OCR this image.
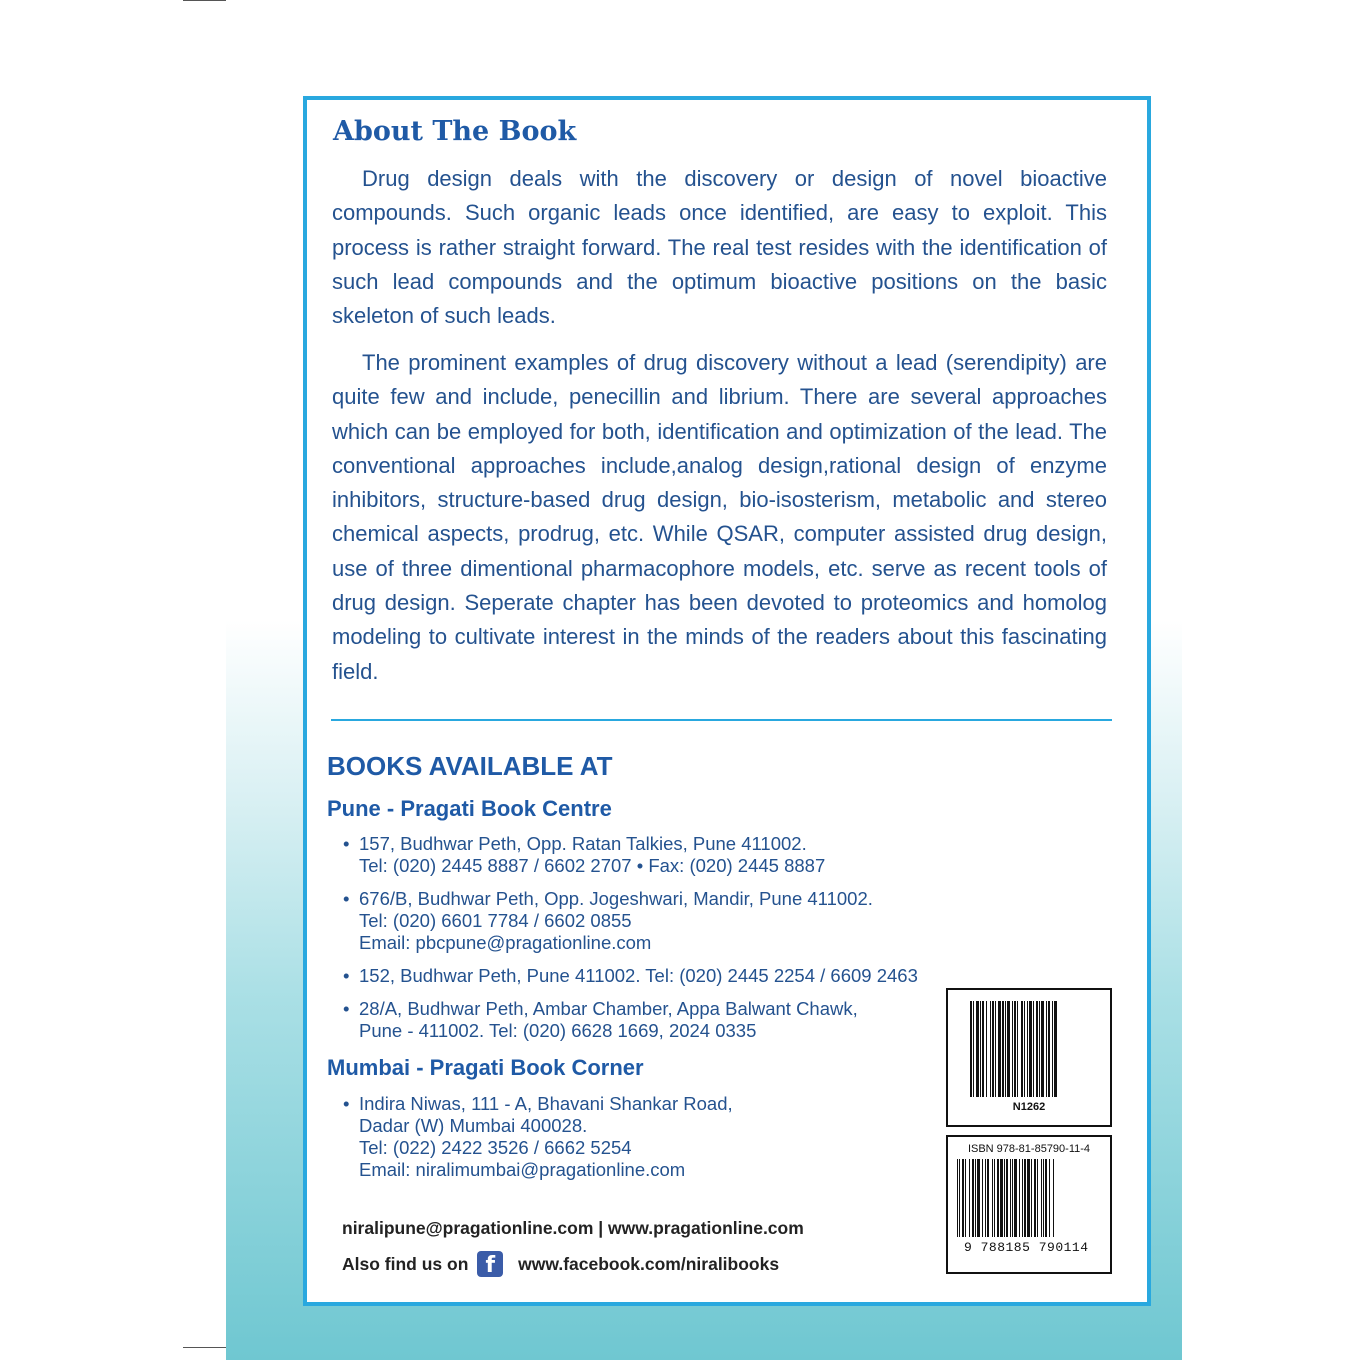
About The Book

Drug design deals with the discovery or design of novel bioactive compounds. Such organic leads once identified, are easy to exploit. This process is rather straight forward. The real test resides with the identification of such lead compounds and the optimum bioactive positions on the basic skeleton of such leads.

The prominent examples of drug discovery without a lead (serendipity) are quite few and include, penecillin and librium. There are several approaches which can be employed for both, identification and optimization of the lead. The conventional approaches include,analog design,rational design of enzyme inhibitors, structure-based drug design, bio-isosterism, metabolic and stereo chemical aspects, prodrug, etc. While QSAR, computer assisted drug design, use of three dimentional pharmacophore models, etc. serve as recent tools of drug design. Seperate chapter has been devoted to proteomics and homolog modeling to cultivate interest in the minds of the readers about this fascinating field.

BOOKS AVAILABLE AT
Pune - Pragati Book Centre
• 157, Budhwar Peth, Opp. Ratan Talkies, Pune 411002.
Tel: (020) 2445 8887 / 6602 2707 • Fax: (020) 2445 8887
• 676/B, Budhwar Peth, Opp. Jogeshwari, Mandir, Pune 411002.
Tel: (020) 6601 7784 / 6602 0855
Email: pbcpune@pragationline.com
• 152, Budhwar Peth, Pune 411002. Tel: (020) 2445 2254 / 6609 2463
• 28/A, Budhwar Peth, Ambar Chamber, Appa Balwant Chawk,
Pune - 411002. Tel: (020) 6628 1669, 2024 0335
Mumbai - Pragati Book Corner
• Indira Niwas, 111 - A, Bhavani Shankar Road,
Dadar (W) Mumbai 400028.
Tel: (022) 2422 3526 / 6662 5254
Email: niralimumbai@pragationline.com

niralipune@pragationline.com | www.pragationline.com

Also find us on f www.facebook.com/niralibooks

N1262

ISBN 978-81-85790-11-4

9 788185 790114
